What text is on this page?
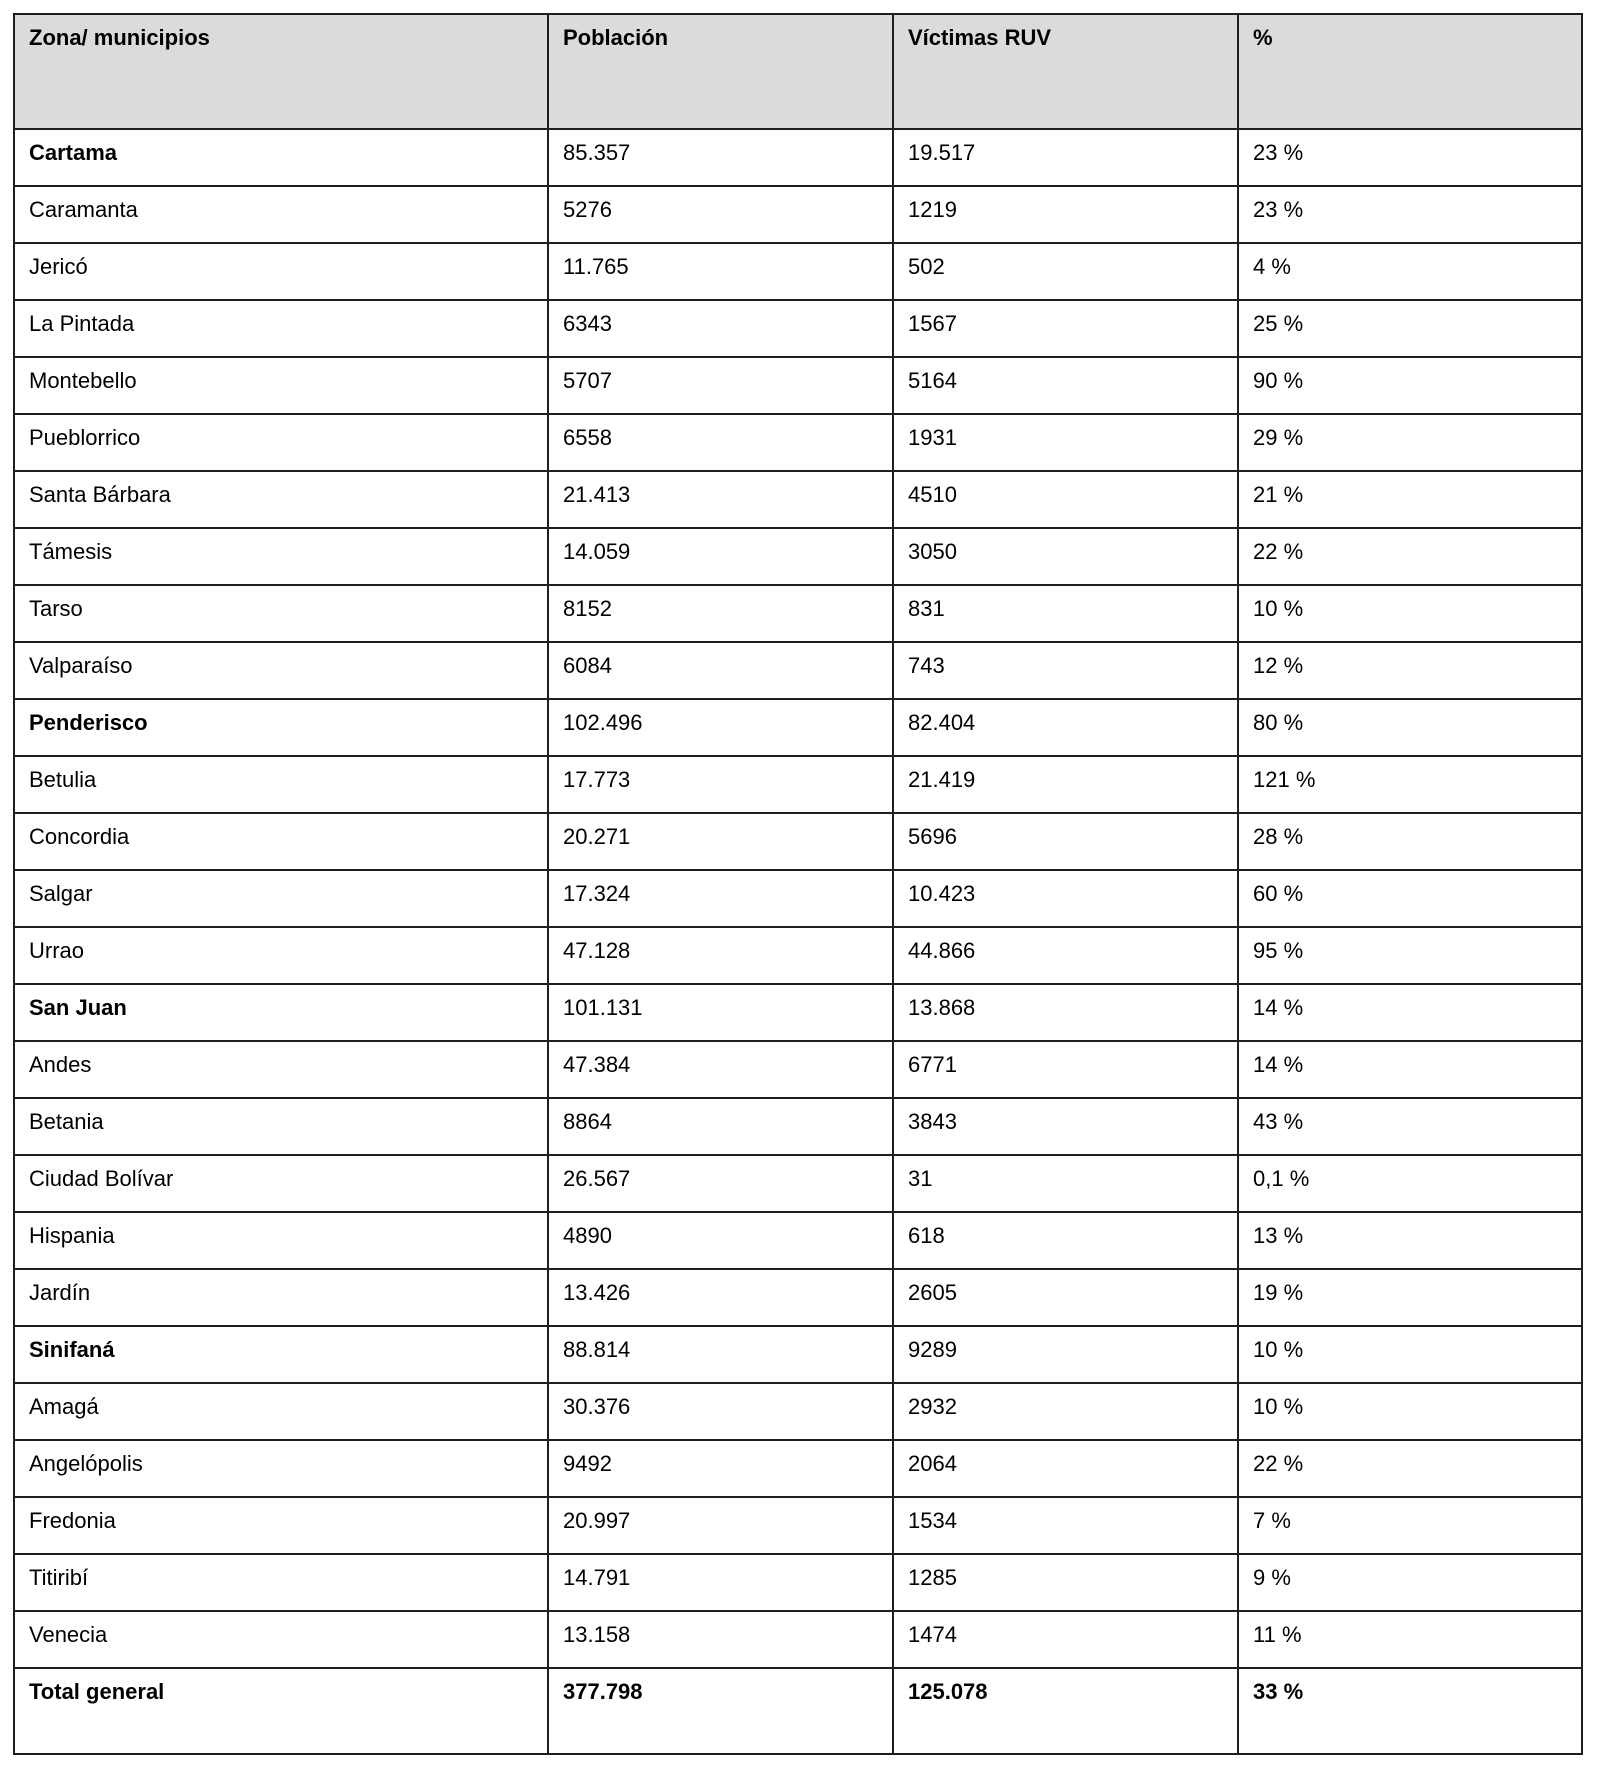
Zona/ municipios	Población	Víctimas RUV	%
Cartama	85.357	19.517	23 %
Caramanta	5276	1219	23 %
Jericó	11.765	502	4 %
La Pintada	6343	1567	25 %
Montebello	5707	5164	90 %
Pueblorrico	6558	1931	29 %
Santa Bárbara	21.413	4510	21 %
Támesis	14.059	3050	22 %
Tarso	8152	831	10 %
Valparaíso	6084	743	12 %
Penderisco	102.496	82.404	80 %
Betulia	17.773	21.419	121 %
Concordia	20.271	5696	28 %
Salgar	17.324	10.423	60 %
Urrao	47.128	44.866	95 %
San Juan	101.131	13.868	14 %
Andes	47.384	6771	14 %
Betania	8864	3843	43 %
Ciudad Bolívar	26.567	31	0,1 %
Hispania	4890	618	13 %
Jardín	13.426	2605	19 %
Sinifaná	88.814	9289	10 %
Amagá	30.376	2932	10 %
Angelópolis	9492	2064	22 %
Fredonia	20.997	1534	7 %
Titiribí	14.791	1285	9 %
Venecia	13.158	1474	11 %
Total general	377.798	125.078	33 %
